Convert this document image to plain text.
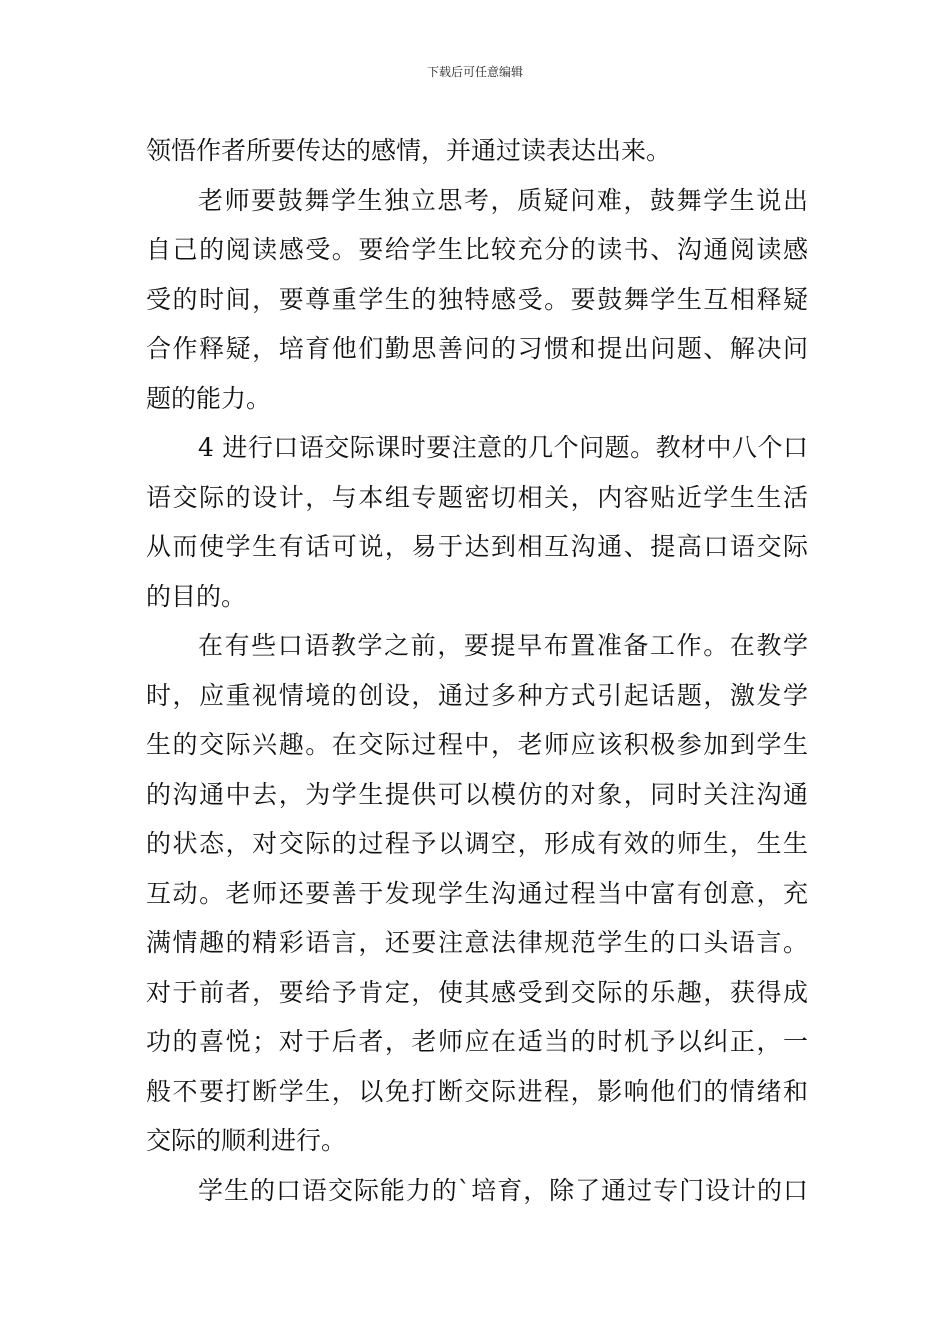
下载后可任意编辑
领悟作者所要传达的感情，并通过读表达出来。
老师要鼓舞学生独立思考，质疑问难，鼓舞学生说出
自己的阅读感受。要给学生比较充分的读书、沟通阅读感
受的时间，要尊重学生的独特感受。要鼓舞学生互相释疑
合作释疑，培育他们勤思善问的习惯和提出问题、解决问
题的能力。
4 进行口语交际课时要注意的几个问题。教材中八个口
语交际的设计，与本组专题密切相关，内容贴近学生生活
从而使学生有话可说，易于达到相互沟通、提高口语交际
的目的。
在有些口语教学之前，要提早布置准备工作。在教学
时，应重视情境的创设，通过多种方式引起话题，激发学
生的交际兴趣。在交际过程中，老师应该积极参加到学生
的沟通中去，为学生提供可以模仿的对象，同时关注沟通
的状态，对交际的过程予以调空，形成有效的师生，生生
互动。老师还要善于发现学生沟通过程当中富有创意，充
满情趣的精彩语言，还要注意法律规范学生的口头语言。
对于前者，要给予肯定，使其感受到交际的乐趣，获得成
功的喜悦；对于后者，老师应在适当的时机予以纠正，一
般不要打断学生，以免打断交际进程，影响他们的情绪和
交际的顺利进行。
学生的口语交际能力的`培育，除了通过专门设计的口
